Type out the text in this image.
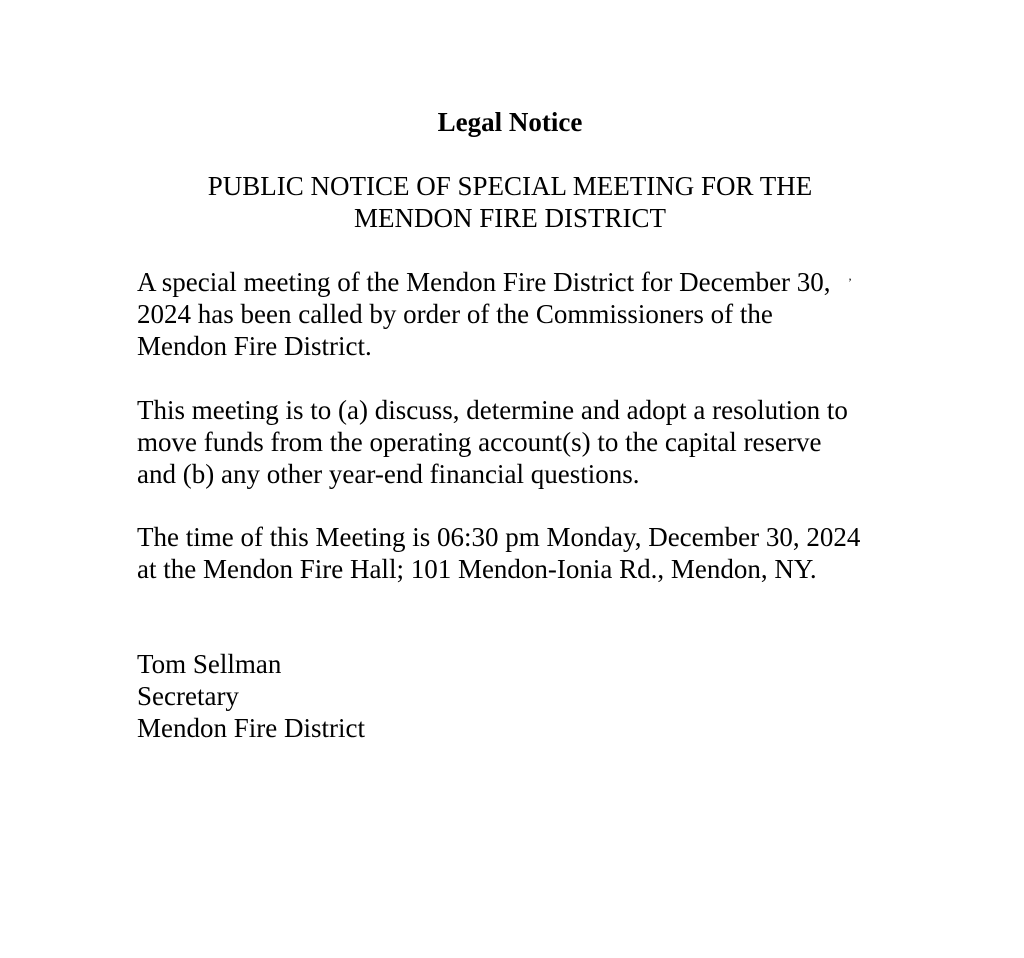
Legal Notice
PUBLIC NOTICE OF SPECIAL MEETING FOR THE
MENDON FIRE DISTRICT

A special meeting of the Mendon Fire District for December 30,
2024 has been called by order of the Commissioners of the
Mendon Fire District.

’

This meeting is to (a) discuss, determine and adopt a resolution to
move funds from the operating account(s) to the capital reserve
and (b) any other year-end financial questions.

The time of this Meeting is 06:30 pm Monday, December 30, 2024
at the Mendon Fire Hall; 101 Mendon-Ionia Rd., Mendon, NY.

Tom Sellman
Secretary
Mendon Fire District
